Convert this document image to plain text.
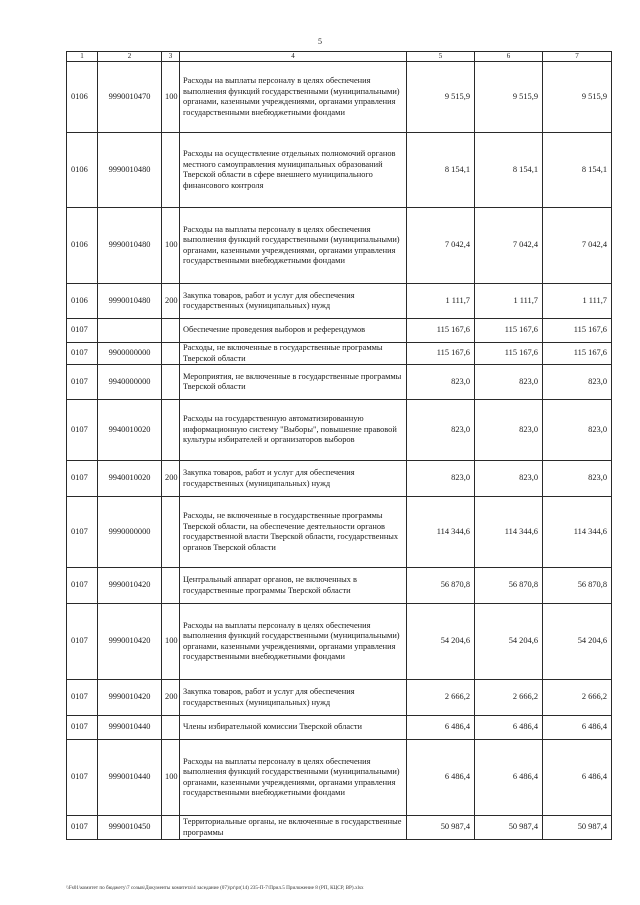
5
1	2	3	4	5	6	7
0106	9990010470	100	Расходы на выплаты персоналу в целях обеспечения выполнения функций государственными (муниципальными) органами, казенными учреждениями, органами управления государственными внебюджетными фондами	9 515,9	9 515,9	9 515,9
0106	9990010480		Расходы на осуществление отдельных полномочий органов местного самоуправления муниципальных образований Тверской области в сфере внешнего муниципального финансового контроля	8 154,1	8 154,1	8 154,1
0106	9990010480	100	Расходы на выплаты персоналу в целях обеспечения выполнения функций государственными (муниципальными) органами, казенными учреждениями, органами управления государственными внебюджетными фондами	7 042,4	7 042,4	7 042,4
0106	9990010480	200	Закупка товаров, работ и услуг для обеспечения государственных (муниципальных) нужд	1 111,7	1 111,7	1 111,7
0107			Обеспечение проведения выборов и референдумов	115 167,6	115 167,6	115 167,6
0107	9900000000		Расходы, не включенные в государственные программы Тверской области	115 167,6	115 167,6	115 167,6
0107	9940000000		Мероприятия, не включенные в государственные программы Тверской области	823,0	823,0	823,0
0107	9940010020		Расходы на государственную автоматизированную информационную систему "Выборы", повышение правовой культуры избирателей и организаторов выборов	823,0	823,0	823,0
0107	9940010020	200	Закупка товаров, работ и услуг для обеспечения государственных (муниципальных) нужд	823,0	823,0	823,0
0107	9990000000		Расходы, не включенные в государственные программы Тверской области, на обеспечение деятельности органов государственной власти Тверской области, государственных органов Тверской области	114 344,6	114 344,6	114 344,6
0107	9990010420		Центральный аппарат органов, не включенных в государственные программы Тверской области	56 870,8	56 870,8	56 870,8
0107	9990010420	100	Расходы на выплаты персоналу в целях обеспечения выполнения функций государственными (муниципальными) органами, казенными учреждениями, органами управления государственными внебюджетными фондами	54 204,6	54 204,6	54 204,6
0107	9990010420	200	Закупка товаров, работ и услуг для обеспечения государственных (муниципальных) нужд	2 666,2	2 666,2	2 666,2
0107	9990010440		Члены избирательной комиссии Тверской области	6 486,4	6 486,4	6 486,4
0107	9990010440	100	Расходы на выплаты персоналу в целях обеспечения выполнения функций государственными (муниципальными) органами, казенными учреждениями, органами управления государственными внебюджетными фондами	6 486,4	6 486,4	6 486,4
0107	9990010450		Территориальные органы, не включенные в государственные программы	50 987,4	50 987,4	50 987,4
\\Fs01\комитет по бюджету\7 созыв\Документы комитета\4 заседание (07)\pr\pr(14) 235-П-7\Прил.5 Приложение 8 (РП, КЦСР, ВР).xlsx
